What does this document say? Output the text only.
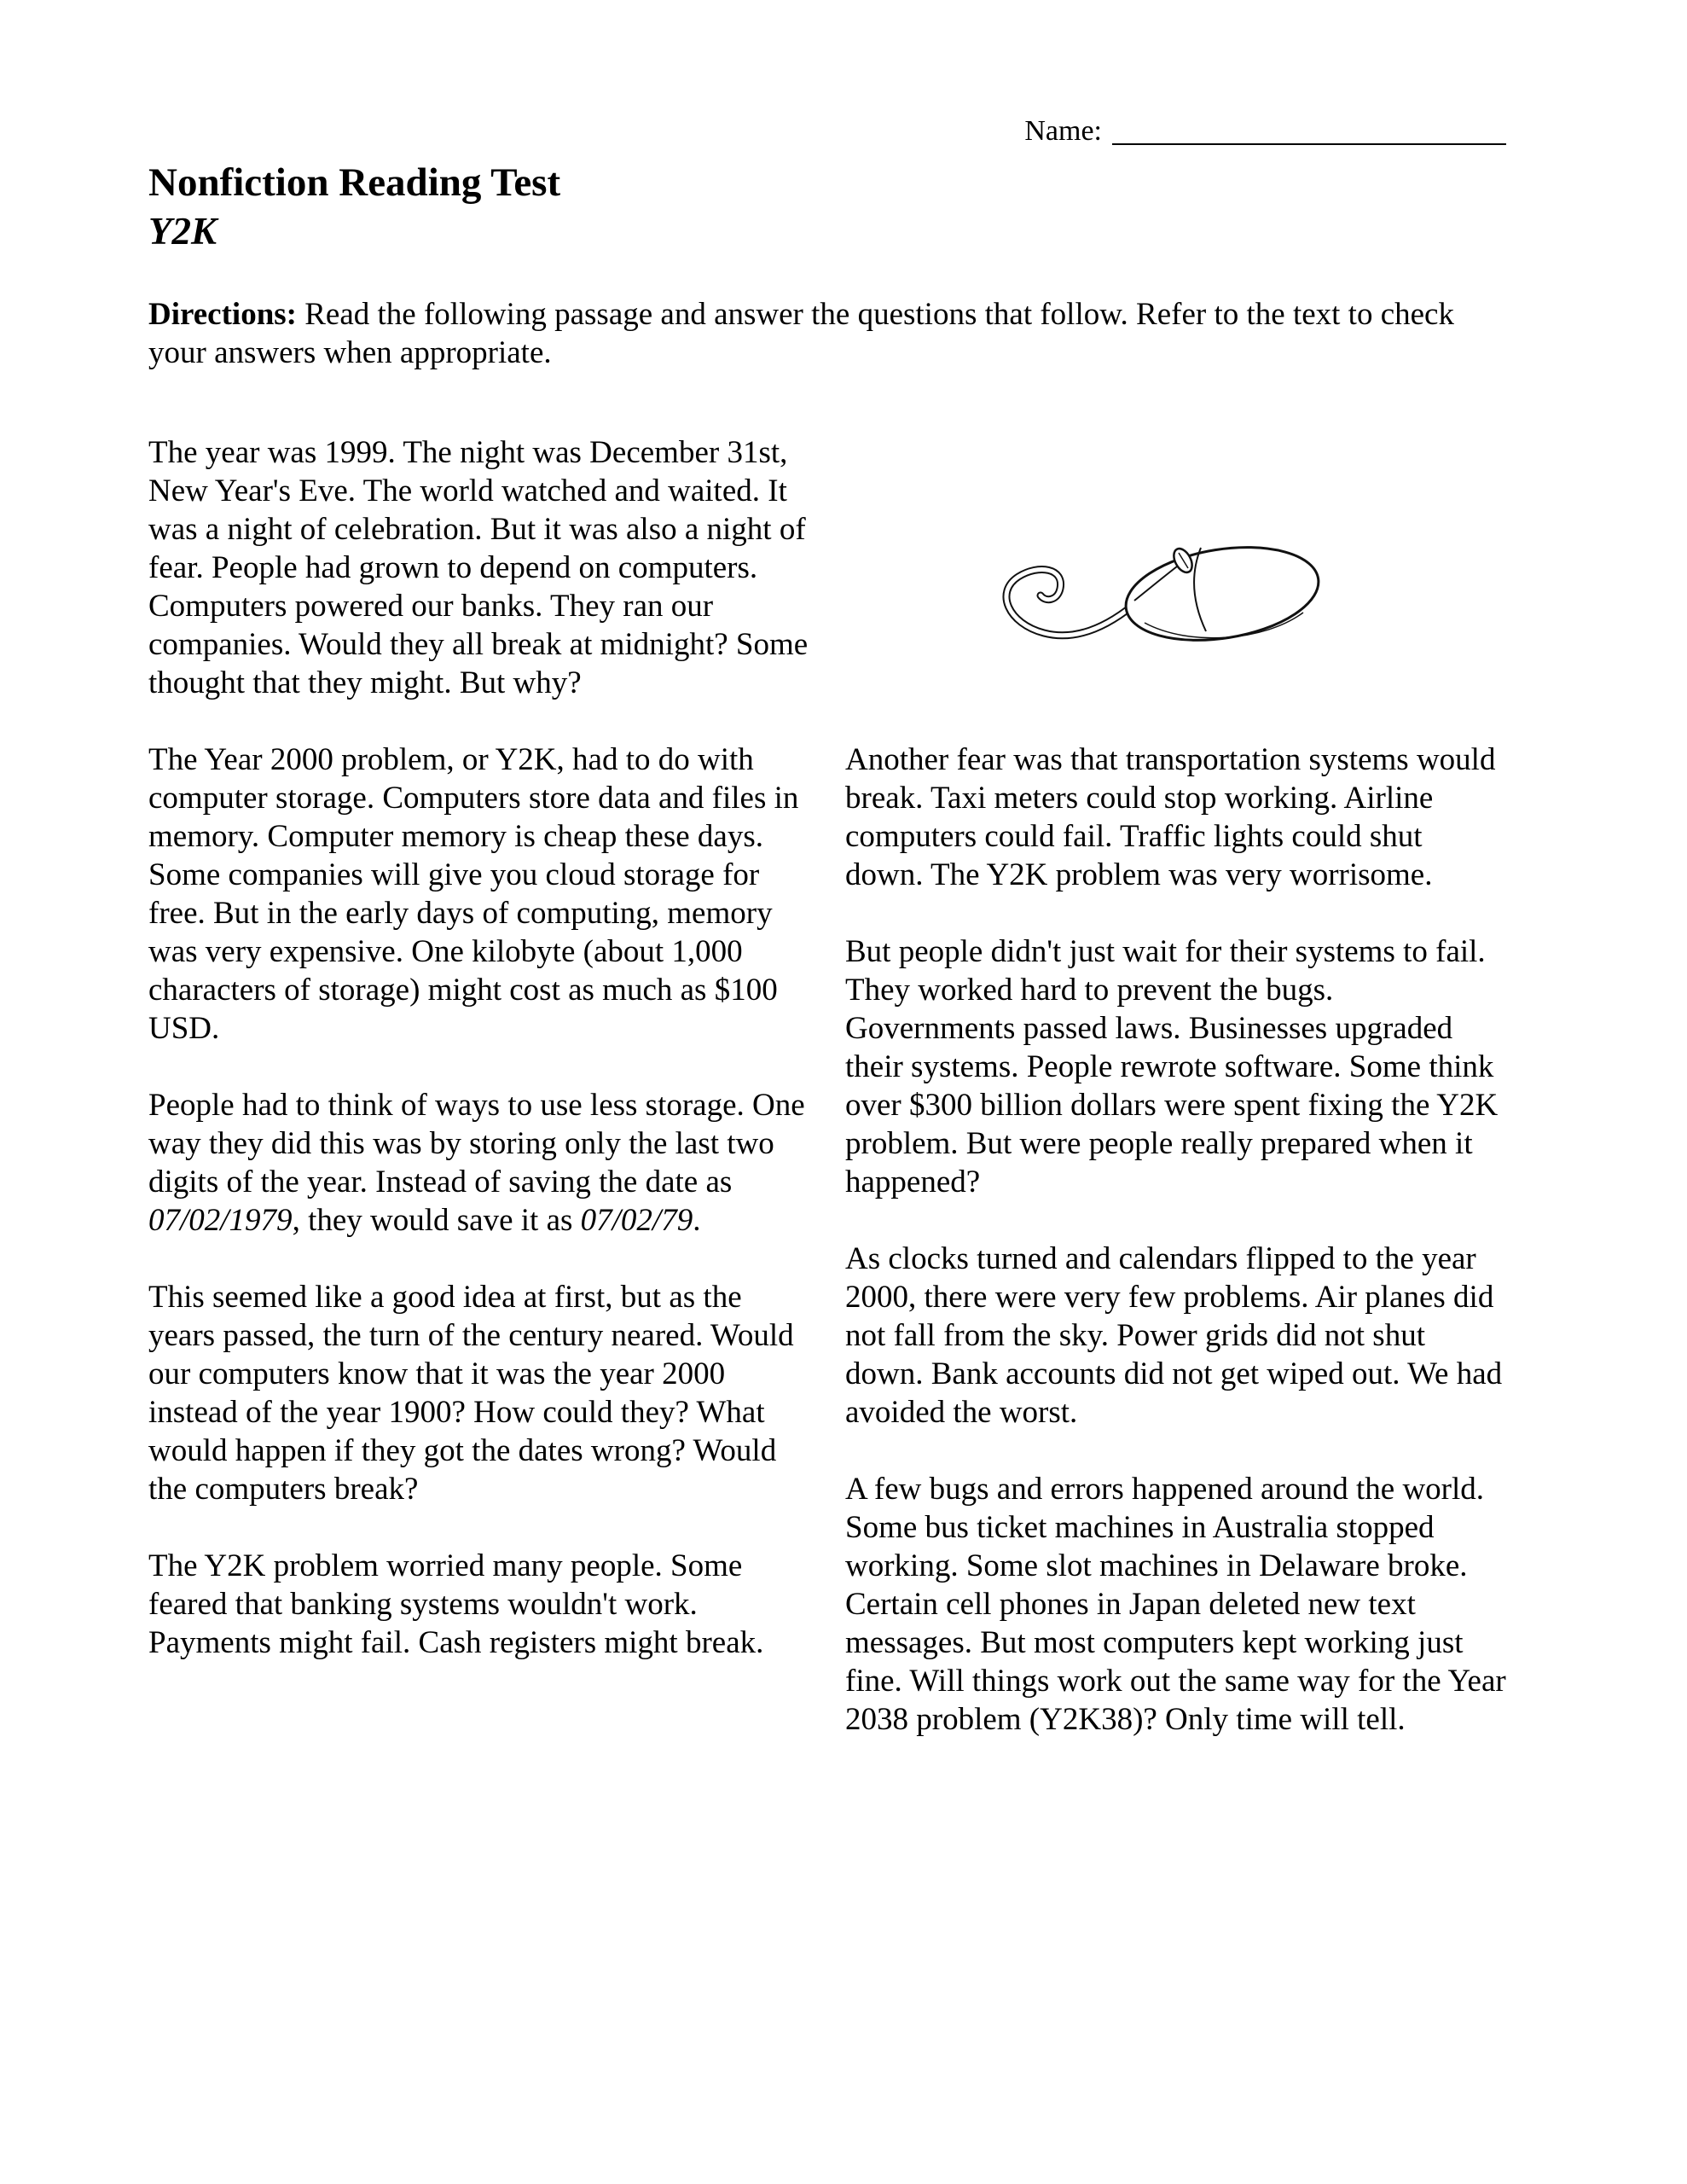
Name:
Nonfiction Reading Test
Y2K

Directions: Read the following passage and answer the questions that follow. Refer to the text to check your answers when appropriate.

The year was 1999. The night was December 31st, New Year's Eve. The world watched and waited. It was a night of celebration. But it was also a night of fear. People had grown to depend on computers. Computers powered our banks. They ran our companies. Would they all break at midnight? Some thought that they might. But why?

The Year 2000 problem, or Y2K, had to do with computer storage. Computers store data and files in memory. Computer memory is cheap these days. Some companies will give you cloud storage for free. But in the early days of computing, memory was very expensive. One kilobyte (about 1,000 characters of storage) might cost as much as $100 USD.

People had to think of ways to use less storage. One way they did this was by storing only the last two digits of the year. Instead of saving the date as 07/02/1979, they would save it as 07/02/79.

This seemed like a good idea at first, but as the years passed, the turn of the century neared. Would our computers know that it was the year 2000 instead of the year 1900? How could they? What would happen if they got the dates wrong? Would the computers break?

The Y2K problem worried many people. Some feared that banking systems wouldn't work. Payments might fail. Cash registers might break.

Another fear was that transportation systems would break. Taxi meters could stop working. Airline computers could fail. Traffic lights could shut down. The Y2K problem was very worrisome.

But people didn't just wait for their systems to fail. They worked hard to prevent the bugs. Governments passed laws. Businesses upgraded their systems. People rewrote software. Some think over $300 billion dollars were spent fixing the Y2K problem. But were people really prepared when it happened?

As clocks turned and calendars flipped to the year 2000, there were very few problems. Air planes did not fall from the sky. Power grids did not shut down. Bank accounts did not get wiped out. We had avoided the worst.

A few bugs and errors happened around the world. Some bus ticket machines in Australia stopped working. Some slot machines in Delaware broke. Certain cell phones in Japan deleted new text messages. But most computers kept working just fine. Will things work out the same way for the Year 2038 problem (Y2K38)? Only time will tell.
